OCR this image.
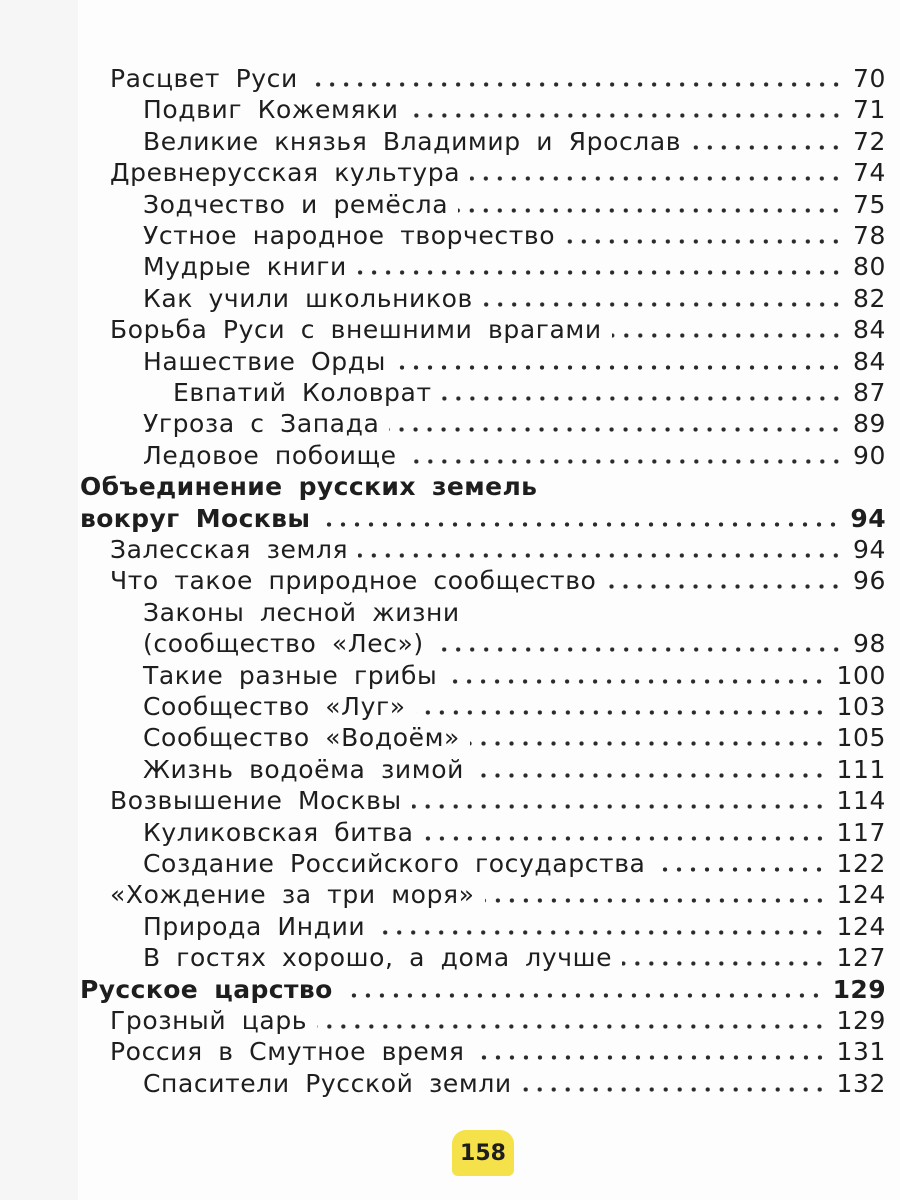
Расцвет Руси	70
Подвиг Кожемяки	71
Великие князья Владимир и Ярослав	72
Древнерусская культура	74
Зодчество и ремёсла	75
Устное народное творчество	78
Мудрые книги	80
Как учили школьников	82
Борьба Руси с внешними врагами	84
Нашествие Орды	84
Евпатий Коловрат	87
Угроза с Запада	89
Ледовое побоище	90
Объединение русских земель
вокруг Москвы	94
Залесская земля	94
Что такое природное сообщество	96
Законы лесной жизни
(сообщество «Лес»)	98
Такие разные грибы	100
Сообщество «Луг»	103
Сообщество «Водоём»	105
Жизнь водоёма зимой	111
Возвышение Москвы	114
Куликовская битва	117
Создание Российского государства	122
«Хождение за три моря»	124
Природа Индии	124
В гостях хорошо, а дома лучше	127
Русское царство	129
Грозный царь	129
Россия в Смутное время	131
Спасители Русской земли	132
158
